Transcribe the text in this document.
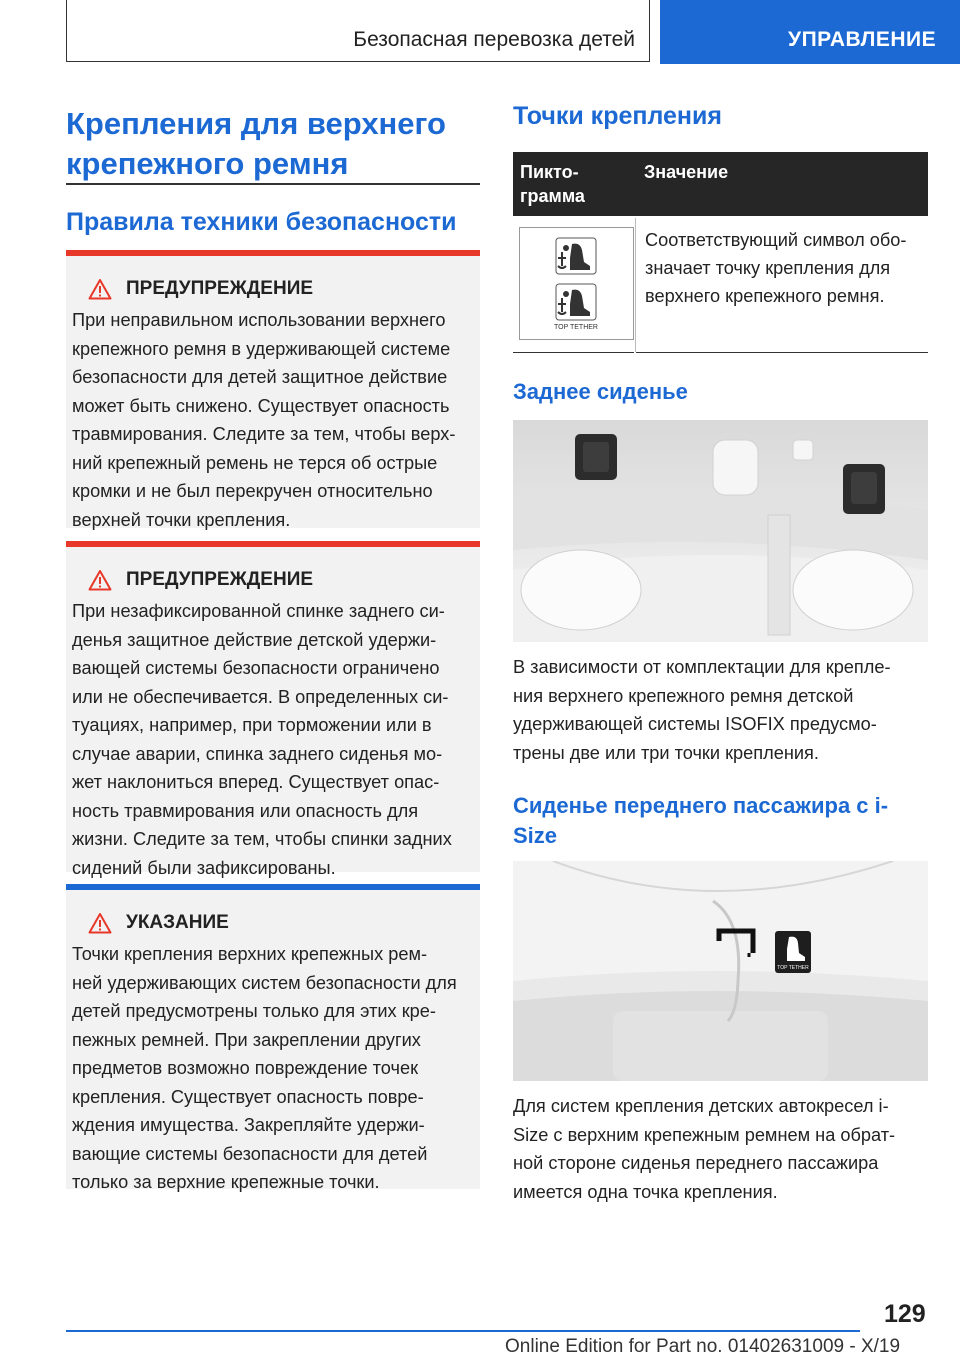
Безопасная перевозка детей	УПРАВЛЕНИЕ
Крепления для верхнего крепежного ремня
Правила техники безопасности
ПРЕДУПРЕЖДЕНИЕ
При неправильном использовании верхнего
крепежного ремня в удерживающей системе
безопасности для детей защитное действие
может быть снижено. Существует опасность
травмирования. Следите за тем, чтобы верх-
ний крепежный ремень не терся об острые
кромки и не был перекручен относительно
верхней точки крепления.
ПРЕДУПРЕЖДЕНИЕ
При незафиксированной спинке заднего си-
денья защитное действие детской удержи-
вающей системы безопасности ограничено
или не обеспечивается. В определенных си-
туациях, например, при торможении или в
случае аварии, спинка заднего сиденья мо-
жет наклониться вперед. Существует опас-
ность травмирования или опасность для
жизни. Следите за тем, чтобы спинки задних
сидений были зафиксированы.
УКАЗАНИЕ
Точки крепления верхних крепежных рем-
ней удерживающих систем безопасности для
детей предусмотрены только для этих кре-
пежных ремней. При закреплении других
предметов возможно повреждение точек
крепления. Существует опасность повре-
ждения имущества. Закрепляйте удержи-
вающие системы безопасности для детей
только за верхние крепежные точки.
Точки крепления
Пикто-
грамма
Значение
TOP TETHER
Соответствующий символ обо-
значает точку крепления для
верхнего крепежного ремня.
Заднее сиденье
В зависимости от комплектации для крепле-
ния верхнего крепежного ремня детской
удерживающей системы ISOFIX предусмо-
трены две или три точки крепления.
Сиденье переднего пассажира с i-
Size
TOP TETHER
Для систем крепления детских автокресел i-
Size с верхним крепежным ремнем на обрат-
ной стороне сиденья переднего пассажира
имеется одна точка крепления.
129
Online Edition for Part no. 01402631009 - X/19
